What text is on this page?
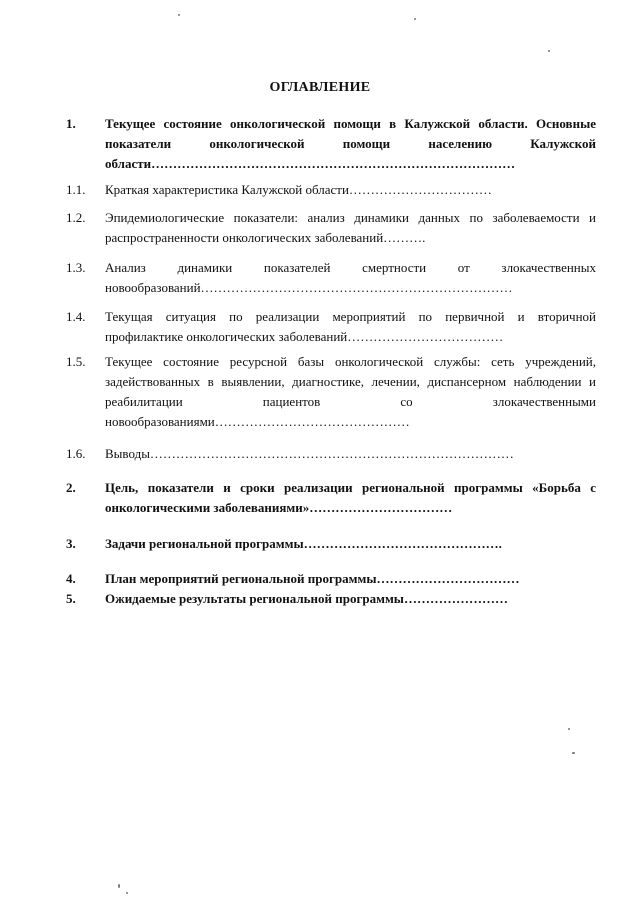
ОГЛАВЛЕНИЕ
1.	Текущее состояние онкологической помощи в Калужской области. Основные показатели онкологической помощи населению Калужской области…………………………………………………………………………
1.1.	Краткая характеристика Калужской области……………………………
1.2.	Эпидемиологические показатели: анализ динамики данных по заболеваемости и распространенности онкологических заболеваний……….
1.3.	Анализ динамики показателей смертности от злокачественных новообразований………………………………………………………………
1.4.	Текущая ситуация по реализации мероприятий по первичной и вторичной профилактике онкологических заболеваний………………………………
1.5.	Текущее состояние ресурсной базы онкологической службы: сеть учреждений, задействованных в выявлении, диагностике, лечении, диспансерном наблюдении и реабилитации пациентов со злокачественными новообразованиями………………………………………
1.6.	Выводы…………………………………………………………………………
2.	Цель, показатели и сроки реализации региональной программы «Борьба с онкологическими заболеваниями»……………………………
3.	Задачи региональной программы……………………………………….
4.	План мероприятий региональной программы……………………………
5.	Ожидаемые результаты региональной программы……………………
